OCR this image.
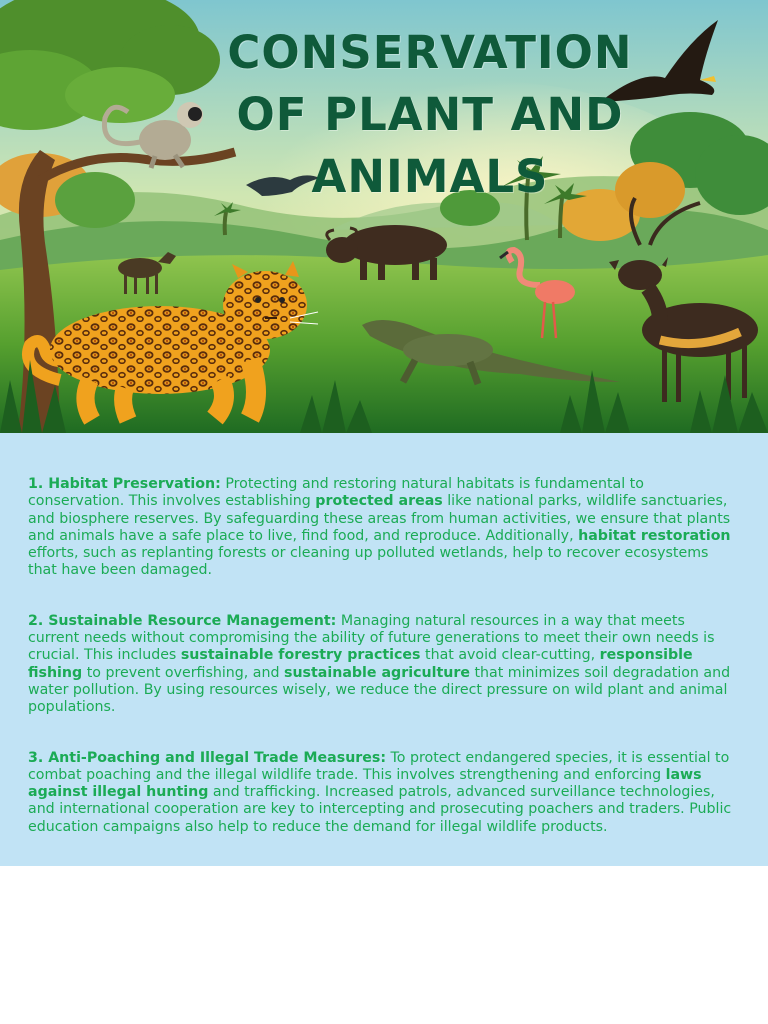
CONSERVATION
OF PLANT AND
ANIMALS

1. Habitat Preservation: Protecting and restoring natural habitats is fundamental to conservation. This involves establishing protected areas like national parks, wildlife sanctuaries, and biosphere reserves. By safeguarding these areas from human activities, we ensure that plants and animals have a safe place to live, find food, and reproduce. Additionally, habitat restoration efforts, such as replanting forests or cleaning up polluted wetlands, help to recover ecosystems that have been damaged.

2. Sustainable Resource Management: Managing natural resources in a way that meets current needs without compromising the ability of future generations to meet their own needs is crucial. This includes sustainable forestry practices that avoid clear-cutting, responsible fishing to prevent overfishing, and sustainable agriculture that minimizes soil degradation and water pollution. By using resources wisely, we reduce the direct pressure on wild plant and animal populations.

3. Anti-Poaching and Illegal Trade Measures: To protect endangered species, it is essential to combat poaching and the illegal wildlife trade. This involves strengthening and enforcing laws against illegal hunting and trafficking. Increased patrols, advanced surveillance technologies, and international cooperation are key to intercepting and prosecuting poachers and traders. Public education campaigns also help to reduce the demand for illegal wildlife products.
